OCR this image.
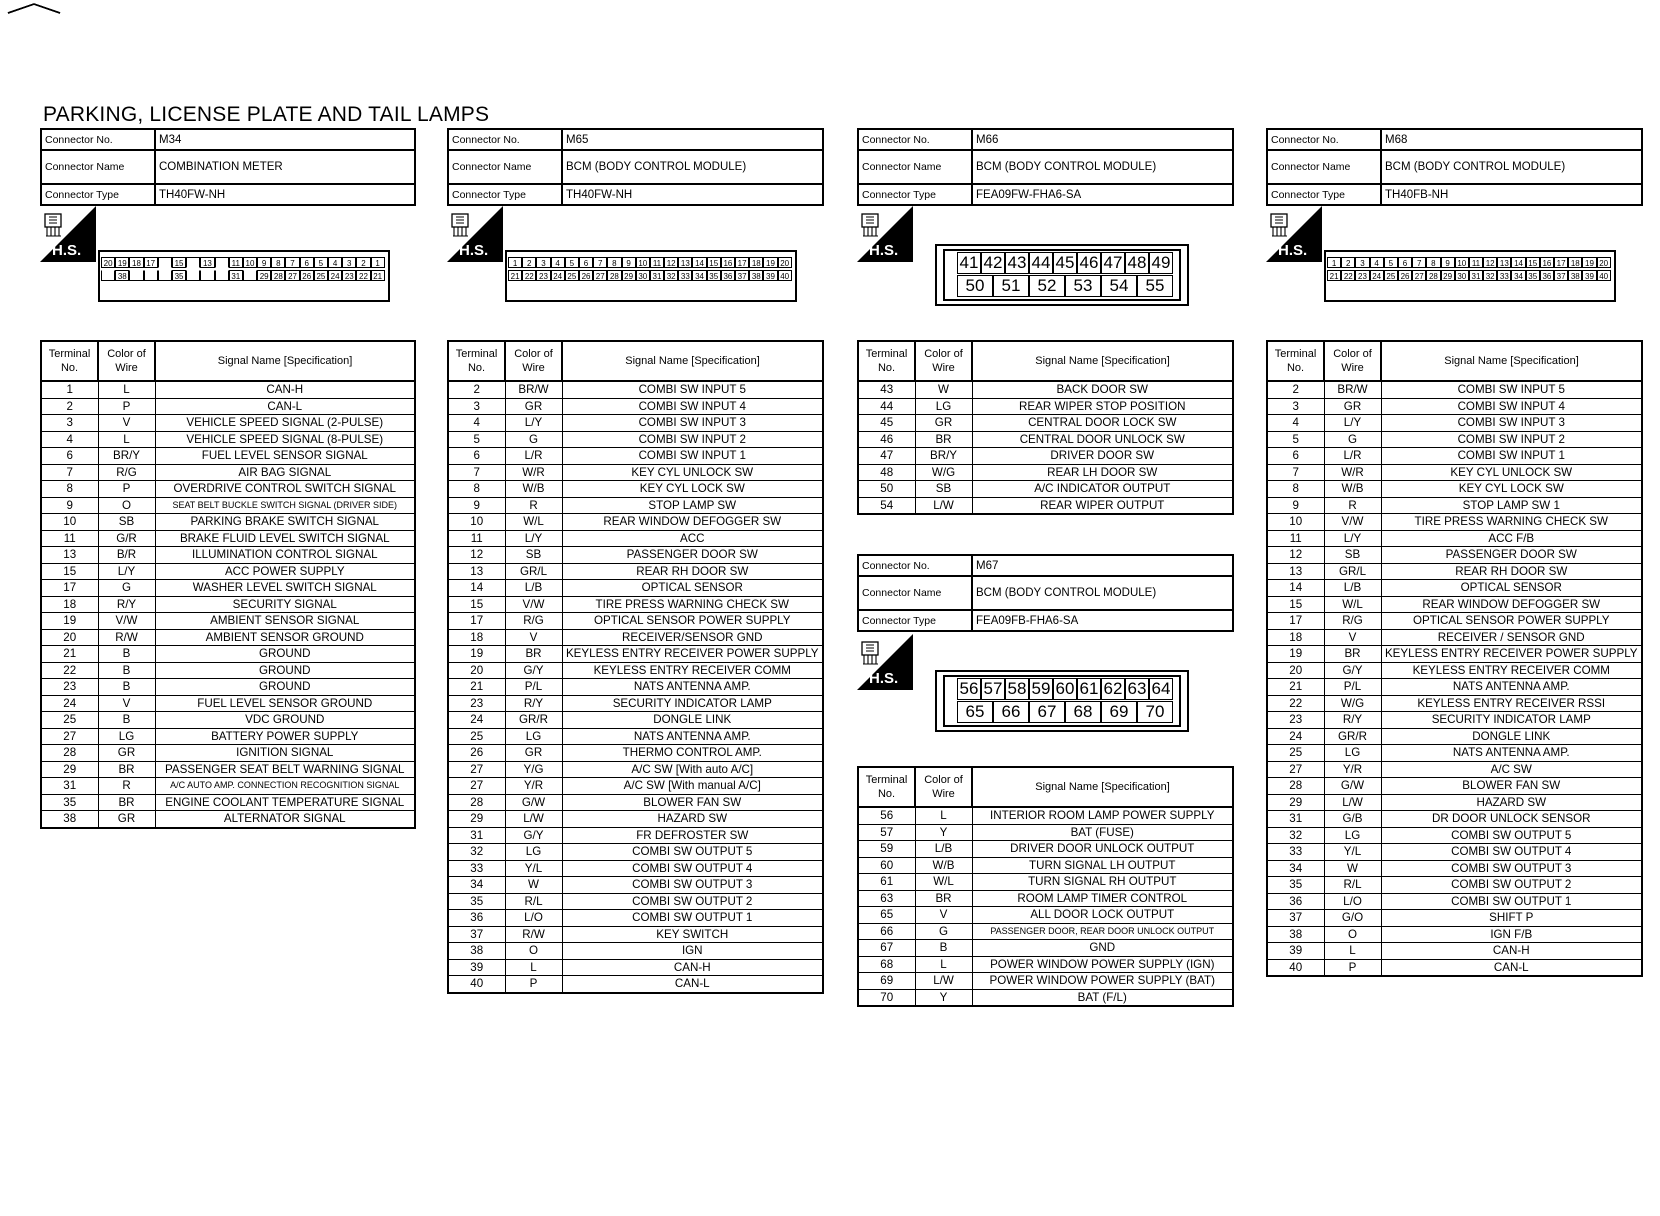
PARKING, LICENSE PLATE AND TAIL LAMPS
Connector No.	M34
Connector Name	COMBINATION METER
Connector Type	TH40FW-NH
H.S.
20 19 18 17	15	13	11 10 9	8	7	6	5	4	3	2	1
38	35	31	29 28 27 26 25 24 23 22 21
Terminal No.	Color of Wire	Signal Name [Specification]
1	L	CAN-H
2	P	CAN-L
3	V	VEHICLE SPEED SIGNAL (2-PULSE)
4	L	VEHICLE SPEED SIGNAL (8-PULSE)
6	BR/Y	FUEL LEVEL SENSOR SIGNAL
7	R/G	AIR BAG SIGNAL
8	P	OVERDRIVE CONTROL SWITCH SIGNAL
9	O	SEAT BELT BUCKLE SWITCH SIGNAL (DRIVER SIDE)
10	SB	PARKING BRAKE SWITCH SIGNAL
11	G/R	BRAKE FLUID LEVEL SWITCH SIGNAL
13	B/R	ILLUMINATION CONTROL SIGNAL
15	L/Y	ACC POWER SUPPLY
17	G	WASHER LEVEL SWITCH SIGNAL
18	R/Y	SECURITY SIGNAL
19	V/W	AMBIENT SENSOR SIGNAL
20	R/W	AMBIENT SENSOR GROUND
21	B	GROUND
22	B	GROUND
23	B	GROUND
24	V	FUEL LEVEL SENSOR GROUND
25	B	VDC GROUND
27	LG	BATTERY POWER SUPPLY
28	GR	IGNITION SIGNAL
29	BR	PASSENGER SEAT BELT WARNING SIGNAL
31	R	A/C AUTO AMP. CONNECTION RECOGNITION SIGNAL
35	BR	ENGINE COOLANT TEMPERATURE SIGNAL
38	GR	ALTERNATOR SIGNAL
Connector No.	M65
Connector Name	BCM (BODY CONTROL MODULE)
Connector Type	TH40FW-NH
H.S.
1	2	3	4	5	6	7	8	9 10 11 12 13 14 15 16 17 18 19 20
21 22 23 24 25 26 27 28 29 30 31 32 33 34 35 36 37 38 39 40
Terminal No.	Color of Wire	Signal Name [Specification]
2	BR/W	COMBI SW INPUT 5
3	GR	COMBI SW INPUT 4
4	L/Y	COMBI SW INPUT 3
5	G	COMBI SW INPUT 2
6	L/R	COMBI SW INPUT 1
7	W/R	KEY CYL UNLOCK SW
8	W/B	KEY CYL LOCK SW
9	R	STOP LAMP SW
10	W/L	REAR WINDOW DEFOGGER SW
11	L/Y	ACC
12	SB	PASSENGER DOOR SW
13	GR/L	REAR RH DOOR SW
14	L/B	OPTICAL SENSOR
15	V/W	TIRE PRESS WARNING CHECK SW
17	R/G	OPTICAL SENSOR POWER SUPPLY
18	V	RECEIVER/SENSOR GND
19	BR	KEYLESS ENTRY RECEIVER POWER SUPPLY
20	G/Y	KEYLESS ENTRY RECEIVER COMM
21	P/L	NATS ANTENNA AMP.
23	R/Y	SECURITY INDICATOR LAMP
24	GR/R	DONGLE LINK
25	LG	NATS ANTENNA AMP.
26	GR	THERMO CONTROL AMP.
27	Y/G	A/C SW [With auto A/C]
27	Y/R	A/C SW [With manual A/C]
28	G/W	BLOWER FAN SW
29	L/W	HAZARD SW
31	G/Y	FR DEFROSTER SW
32	LG	COMBI SW OUTPUT 5
33	Y/L	COMBI SW OUTPUT 4
34	W	COMBI SW OUTPUT 3
35	R/L	COMBI SW OUTPUT 2
36	L/O	COMBI SW OUTPUT 1
37	R/W	KEY SWITCH
38	O	IGN
39	L	CAN-H
40	P	CAN-L
Connector No.	M66
Connector Name	BCM (BODY CONTROL MODULE)
Connector Type	FEA09FW-FHA6-SA
H.S.
41 42 43 44 45 46 47 48 49
50	51	52	53	54	55
Terminal No.	Color of Wire	Signal Name [Specification]
43	W	BACK DOOR SW
44	LG	REAR WIPER STOP POSITION
45	GR	CENTRAL DOOR LOCK SW
46	BR	CENTRAL DOOR UNLOCK SW
47	BR/Y	DRIVER DOOR SW
48	W/G	REAR LH DOOR SW
50	SB	A/C INDICATOR OUTPUT
54	L/W	REAR WIPER OUTPUT
Connector No.	M67
Connector Name	BCM (BODY CONTROL MODULE)
Connector Type	FEA09FB-FHA6-SA
H.S.
56 57 58 59 60 61 62 63 64
65	66	67	68	69	70
Terminal No.	Color of Wire	Signal Name [Specification]
56	L	INTERIOR ROOM LAMP POWER SUPPLY
57	Y	BAT (FUSE)
59	L/B	DRIVER DOOR UNLOCK OUTPUT
60	W/B	TURN SIGNAL LH OUTPUT
61	W/L	TURN SIGNAL RH OUTPUT
63	BR	ROOM LAMP TIMER CONTROL
65	V	ALL DOOR LOCK OUTPUT
66	G	PASSENGER DOOR, REAR DOOR UNLOCK OUTPUT
67	B	GND
68	L	POWER WINDOW POWER SUPPLY (IGN)
69	L/W	POWER WINDOW POWER SUPPLY (BAT)
70	Y	BAT (F/L)
Connector No.	M68
Connector Name	BCM (BODY CONTROL MODULE)
Connector Type	TH40FB-NH
H.S.
1	2	3	4	5	6	7	8	9 10 11 12 13 14 15 16 17 18 19 20
21 22 23 24 25 26 27 28 29 30 31 32 33 34 35 36 37 38 39 40
Terminal No.	Color of Wire	Signal Name [Specification]
2	BR/W	COMBI SW INPUT 5
3	GR	COMBI SW INPUT 4
4	L/Y	COMBI SW INPUT 3
5	G	COMBI SW INPUT 2
6	L/R	COMBI SW INPUT 1
7	W/R	KEY CYL UNLOCK SW
8	W/B	KEY CYL LOCK SW
9	R	STOP LAMP SW 1
10	V/W	TIRE PRESS WARNING CHECK SW
11	L/Y	ACC F/B
12	SB	PASSENGER DOOR SW
13	GR/L	REAR RH DOOR SW
14	L/B	OPTICAL SENSOR
15	W/L	REAR WINDOW DEFOGGER SW
17	R/G	OPTICAL SENSOR POWER SUPPLY
18	V	RECEIVER / SENSOR GND
19	BR	KEYLESS ENTRY RECEIVER POWER SUPPLY
20	G/Y	KEYLESS ENTRY RECEIVER COMM
21	P/L	NATS ANTENNA AMP.
22	W/G	KEYLESS ENTRY RECEIVER RSSI
23	R/Y	SECURITY INDICATOR LAMP
24	GR/R	DONGLE LINK
25	LG	NATS ANTENNA AMP.
27	Y/R	A/C SW
28	G/W	BLOWER FAN SW
29	L/W	HAZARD SW
31	G/B	DR DOOR UNLOCK SENSOR
32	LG	COMBI SW OUTPUT 5
33	Y/L	COMBI SW OUTPUT 4
34	W	COMBI SW OUTPUT 3
35	R/L	COMBI SW OUTPUT 2
36	L/O	COMBI SW OUTPUT 1
37	G/O	SHIFT P
38	O	IGN F/B
39	L	CAN-H
40	P	CAN-L
